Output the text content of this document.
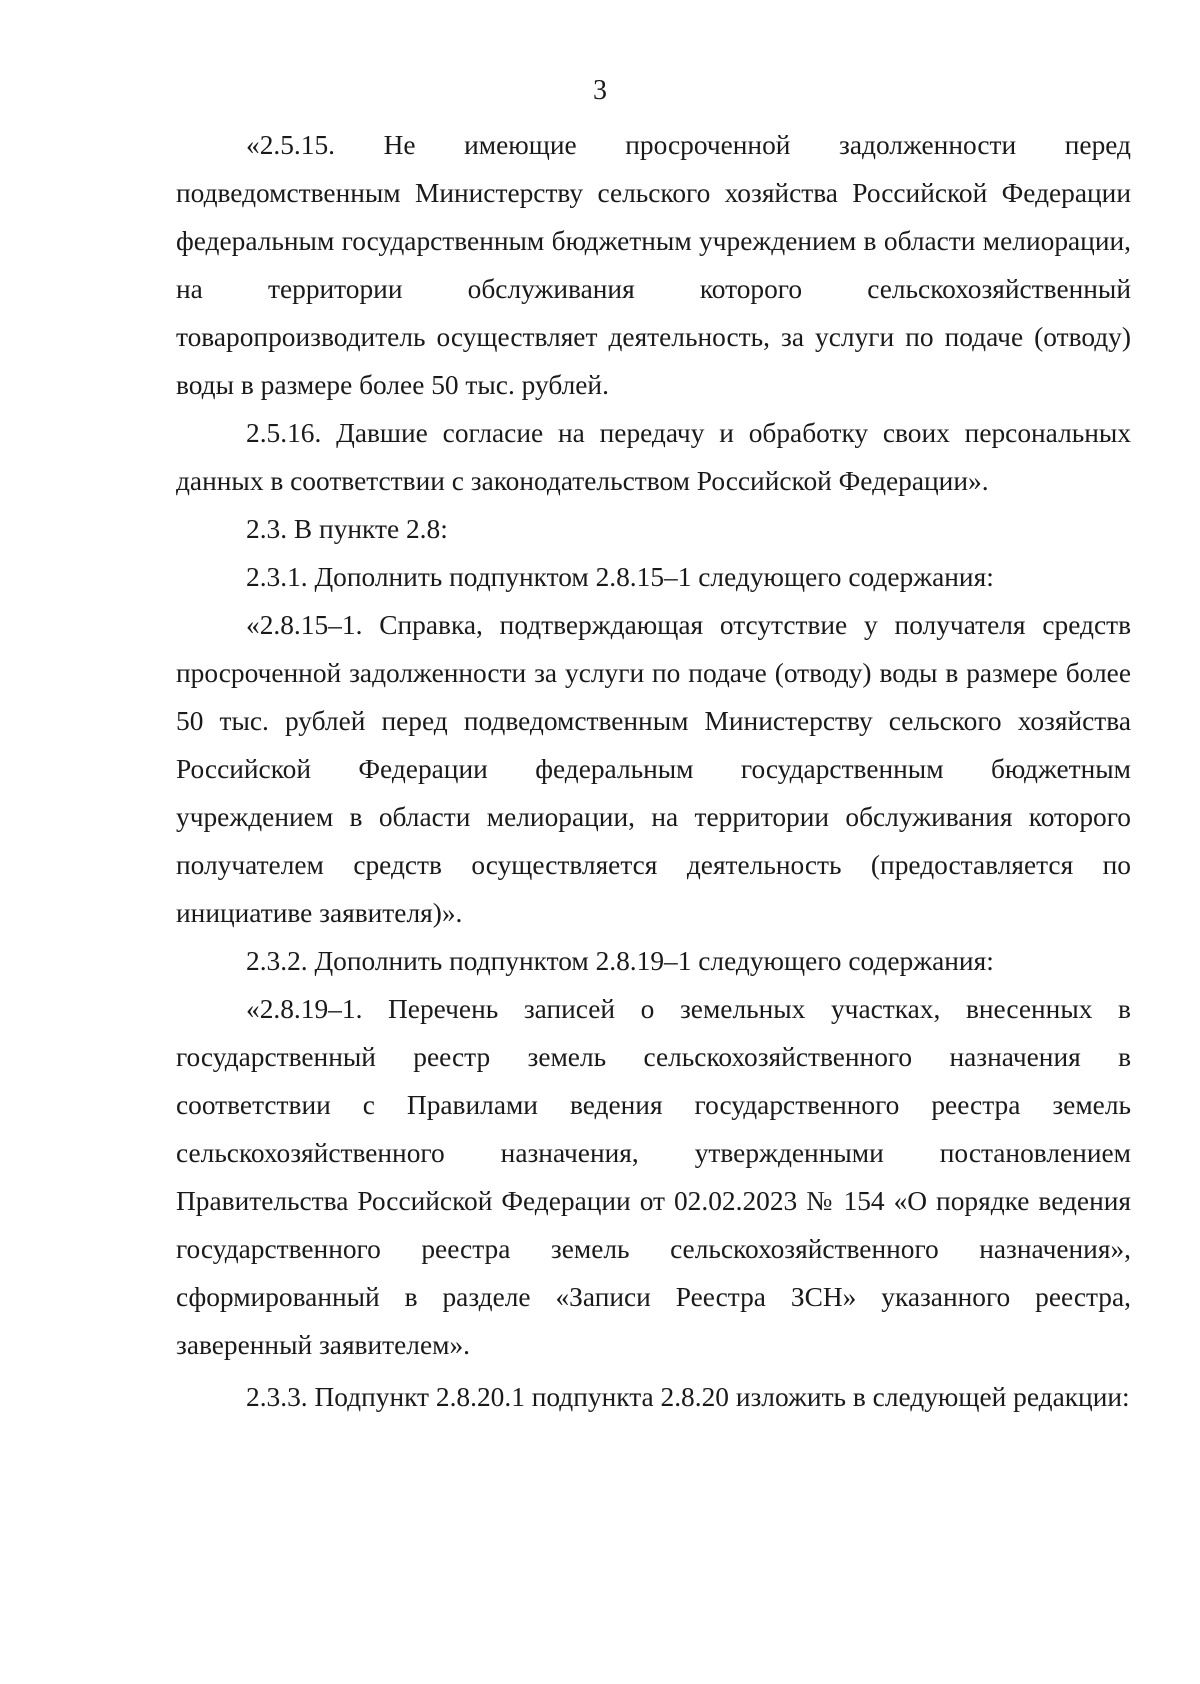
3

«2.5.15. Не имеющие просроченной задолженности перед подведомственным Министерству сельского хозяйства Российской Федерации федеральным государственным бюджетным учреждением в области мелиорации, на территории обслуживания которого сельскохозяйственный товаропроизводитель осуществляет деятельность, за услуги по подаче (отводу) воды в размере более 50 тыс. рублей.

2.5.16. Давшие согласие на передачу и обработку своих персональных данных в соответствии с законодательством Российской Федерации».

2.3. В пункте 2.8:

2.3.1. Дополнить подпунктом 2.8.15–1 следующего содержания:

«2.8.15–1. Справка, подтверждающая отсутствие у получателя средств просроченной задолженности за услуги по подаче (отводу) воды в размере более 50 тыс. рублей перед подведомственным Министерству сельского хозяйства Российской Федерации федеральным государственным бюджетным учреждением в области мелиорации, на территории обслуживания которого получателем средств осуществляется деятельность (предоставляется по инициативе заявителя)».

2.3.2. Дополнить подпунктом 2.8.19–1 следующего содержания:

«2.8.19–1. Перечень записей о земельных участках, внесенных в государственный реестр земель сельскохозяйственного назначения в соответствии с Правилами ведения государственного реестра земель сельскохозяйственного назначения, утвержденными постановлением Правительства Российской Федерации от 02.02.2023 № 154 «О порядке ведения государственного реестра земель сельскохозяйственного назначения», сформированный в разделе «Записи Реестра ЗСН» указанного реестра, заверенный заявителем».

2.3.3. Подпункт 2.8.20.1 подпункта 2.8.20 изложить в следующей редакции:
